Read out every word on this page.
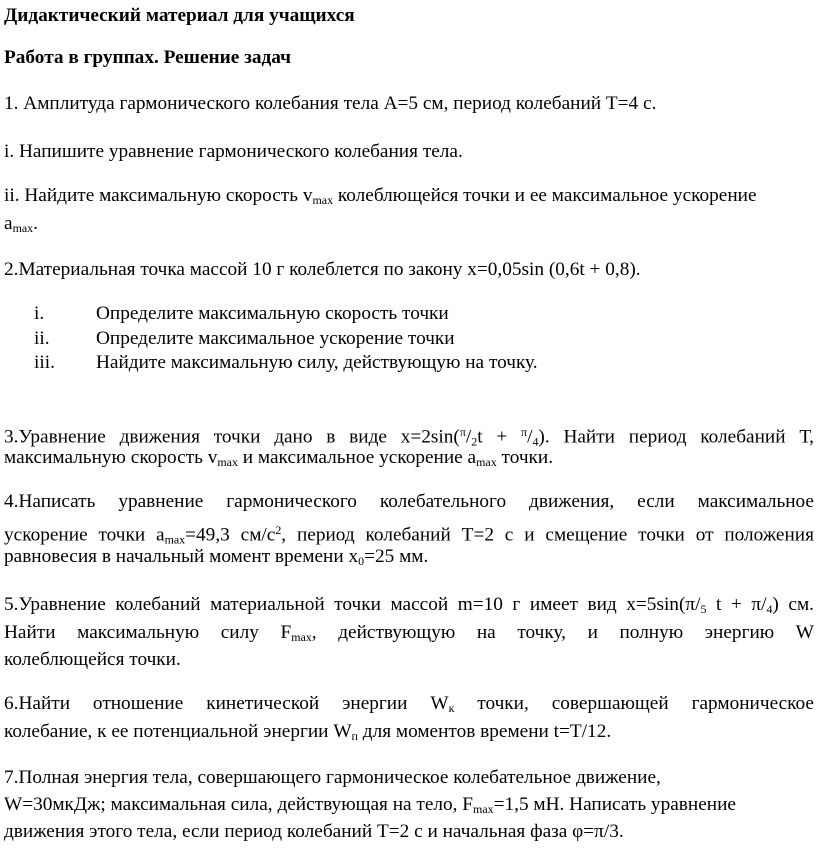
Дидактический материал для учащихся
Работа в группах. Решение задач
1. Амплитуда гармонического колебания тела А=5 см, период колебаний Т=4 с.
i. Напишите уравнение гармонического колебания тела.
ii. Найдите максимальную скорость $v_{max}$ колеблющейся точки и ее максимальное ускорение
$a_{max}$.
2.Материальная точка массой 10 г колеблется по закону x=0,05sin (0,6t + 0,8).
i.	Определите максимальную скорость точки
ii. Определите максимальное ускорение точки
iii. Найдите максимальную силу, действующую на точку.
3.Уравнение движения точки дано в виде $x=2\sin(^\pi/_2t + ^\pi/_4)$. Найти период колебаний Т,
максимальную скорость $v_{max}$ и максимальное ускорение $a_{max}$ точки.
4.Написать уравнение гармонического колебательного движения, если максимальное
ускорение точки $a_{max}=49,3$ $см/с^2$, период колебаний Т=2 с и смещение точки от положения
равновесия в начальный момент времени $х_0=25$ мм.
5.Уравнение колебаний материальной точки массой m=10 г имеет вид $x=5\sin(\pi/_5$ $t + \pi/_4$) см.
Найти максимальную силу $F_{max}$, действующую на точку, и полную энергию W
колеблющейся точки.
6.Найти отношение кинетической энергии $W_к$ точки, совершающей гармоническое
колебание, к ее потенциальной энергии $W_п$ для моментов времени t=T/12.
7.Полная энергия тела, совершающего гармоническое колебательное движение,
W=30мкДж; максимальная сила, действующая на тело, $F_{max}=1,5$ мН. Написать уравнение
движения этого тела, если период колебаний Т=2 с и начальная фаза φ=π/3.
